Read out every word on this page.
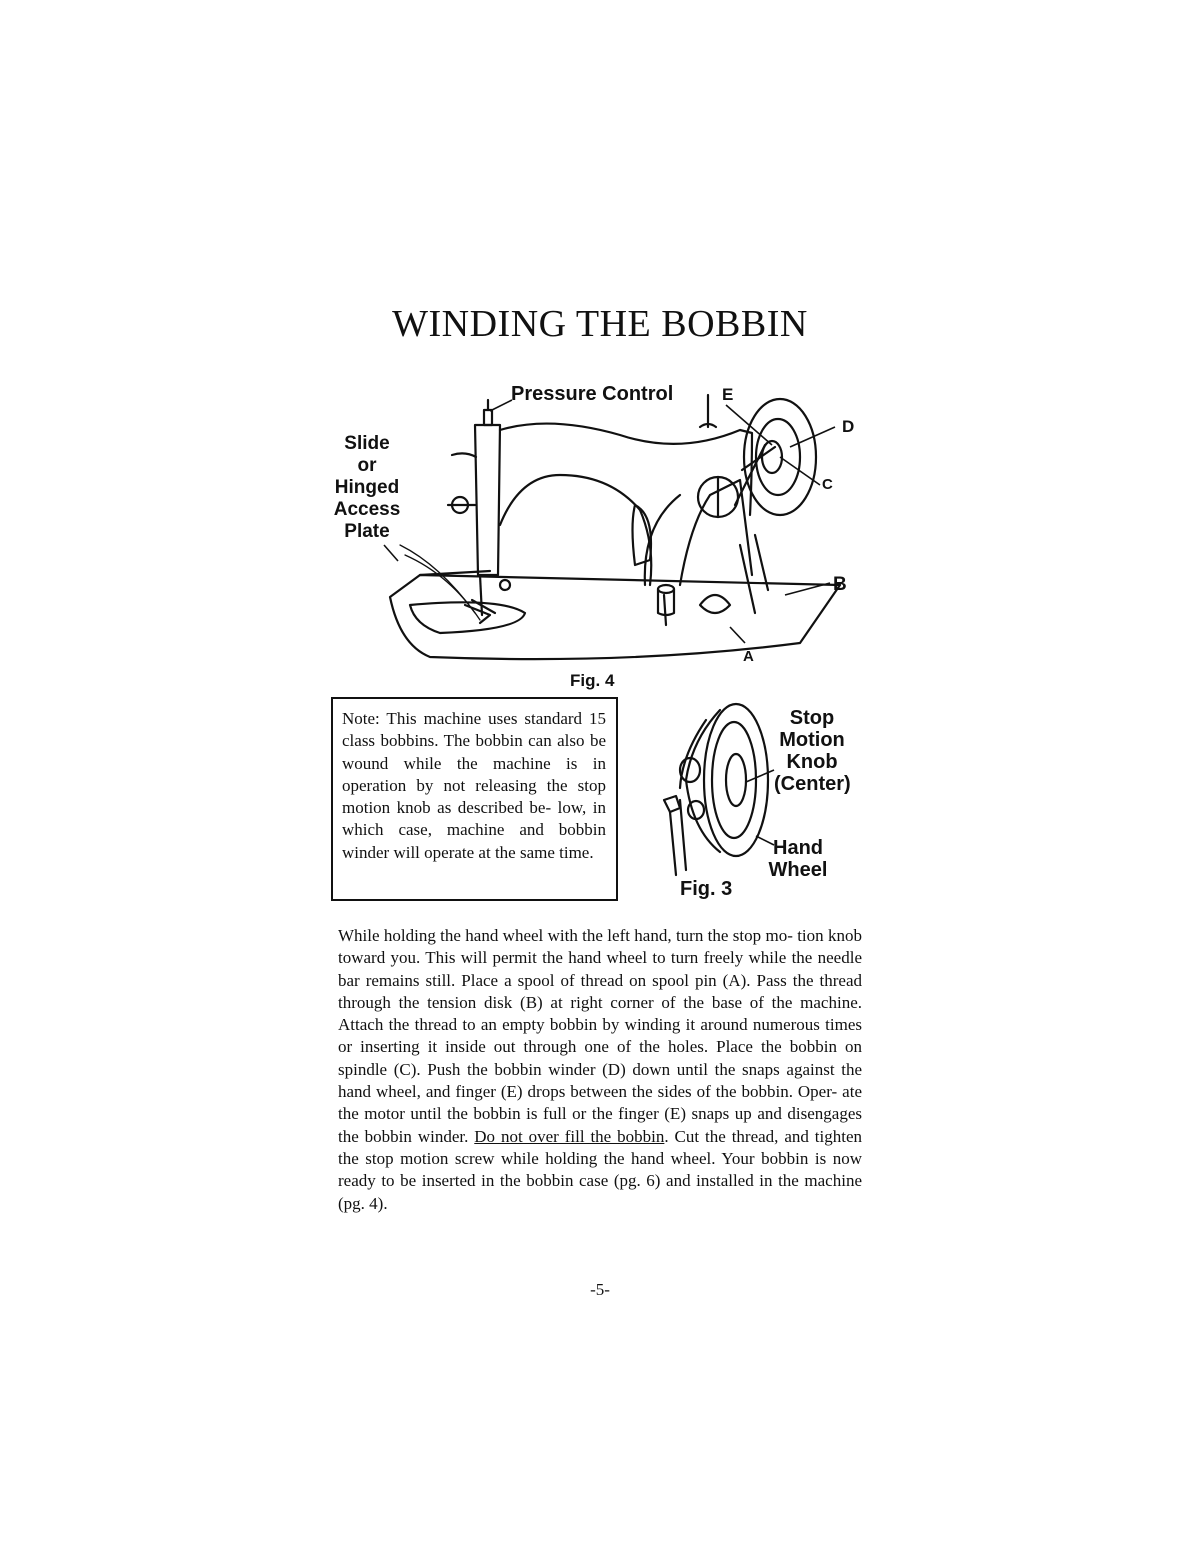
WINDING THE BOBBIN
Pressure Control
Slide or
Hinged
Access
Plate
E
D
C
B
A
Fig. 4
Note: This machine uses standard 15 class bobbins. The bobbin can also be wound while the machine is in operation by not releasing the stop motion knob as described be- low, in which case, machine and bobbin winder will operate at the same time.
Stop
Motion
Knob
(Center)
Hand
Wheel
Fig. 3
While holding the hand wheel with the left hand, turn the stop mo- tion knob toward you. This will permit the hand wheel to turn freely while the needle bar remains still. Place a spool of thread on spool pin (A). Pass the thread through the tension disk (B) at right corner of the base of the machine. Attach the thread to an empty bobbin by winding it around numerous times or inserting it inside out through one of the holes. Place the bobbin on spindle (C). Push the bobbin winder (D) down until the snaps against the hand wheel, and finger (E) drops between the sides of the bobbin. Oper- ate the motor until the bobbin is full or the finger (E) snaps up and disengages the bobbin winder. Do not over fill the bobbin. Cut the thread, and tighten the stop motion screw while holding the hand wheel. Your bobbin is now ready to be inserted in the bobbin case (pg. 6) and installed in the machine (pg. 4).
-5-
